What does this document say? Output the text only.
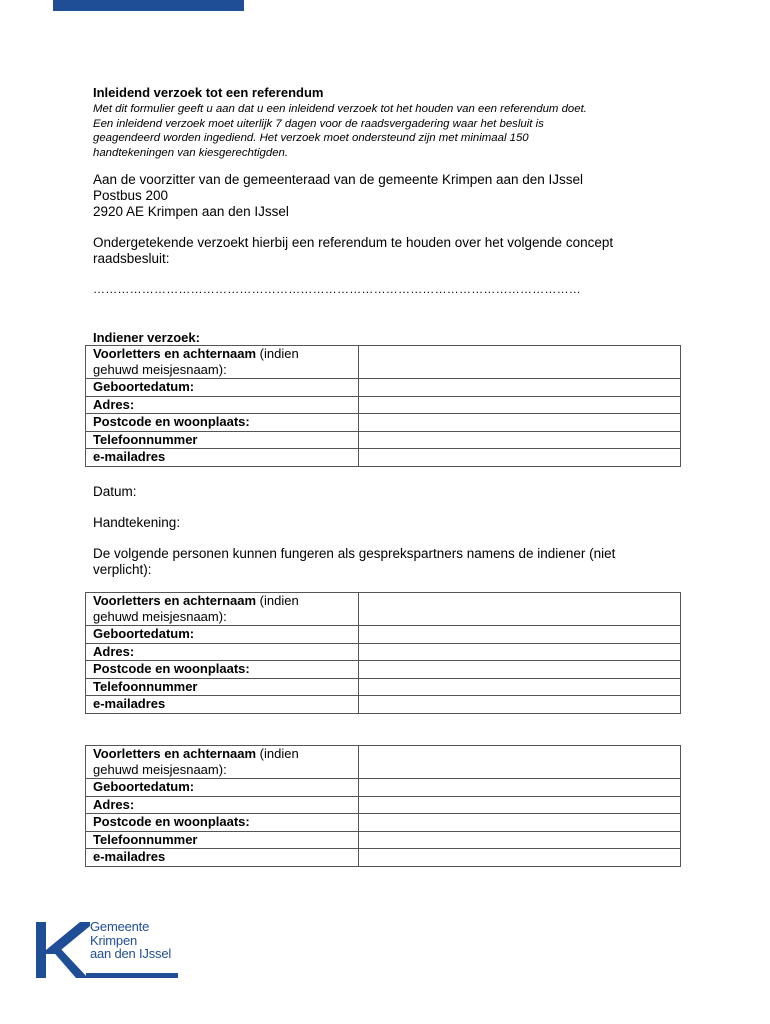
Inleidend verzoek tot een referendum
Met dit formulier geeft u aan dat u een inleidend verzoek tot het houden van een referendum doet.
Een inleidend verzoek moet uiterlijk 7 dagen voor de raadsvergadering waar het besluit is
geagendeerd worden ingediend. Het verzoek moet ondersteund zijn met minimaal 150
handtekeningen van kiesgerechtigden.
Aan de voorzitter van de gemeenteraad van de gemeente Krimpen aan den IJssel
Postbus 200
2920 AE Krimpen aan den IJssel
Ondergetekende verzoekt hierbij een referendum te houden over het volgende concept
raadsbesluit:
…………………………………………………………………………………………………………
Indiener verzoek:
Voorletters en achternaam (indien
gehuwd meisjesnaam):	
Geboortedatum:	
Adres:	
Postcode en woonplaats:	
Telefoonnummer	
e-mailadres	
Datum:
Handtekening:
De volgende personen kunnen fungeren als gesprekspartners namens de indiener (niet
verplicht):
Voorletters en achternaam (indien
gehuwd meisjesnaam):	
Geboortedatum:	
Adres:	
Postcode en woonplaats:	
Telefoonnummer	
e-mailadres	
Voorletters en achternaam (indien
gehuwd meisjesnaam):	
Geboortedatum:	
Adres:	
Postcode en woonplaats:	
Telefoonnummer	
e-mailadres	
Gemeente
Krimpen
aan den IJssel
